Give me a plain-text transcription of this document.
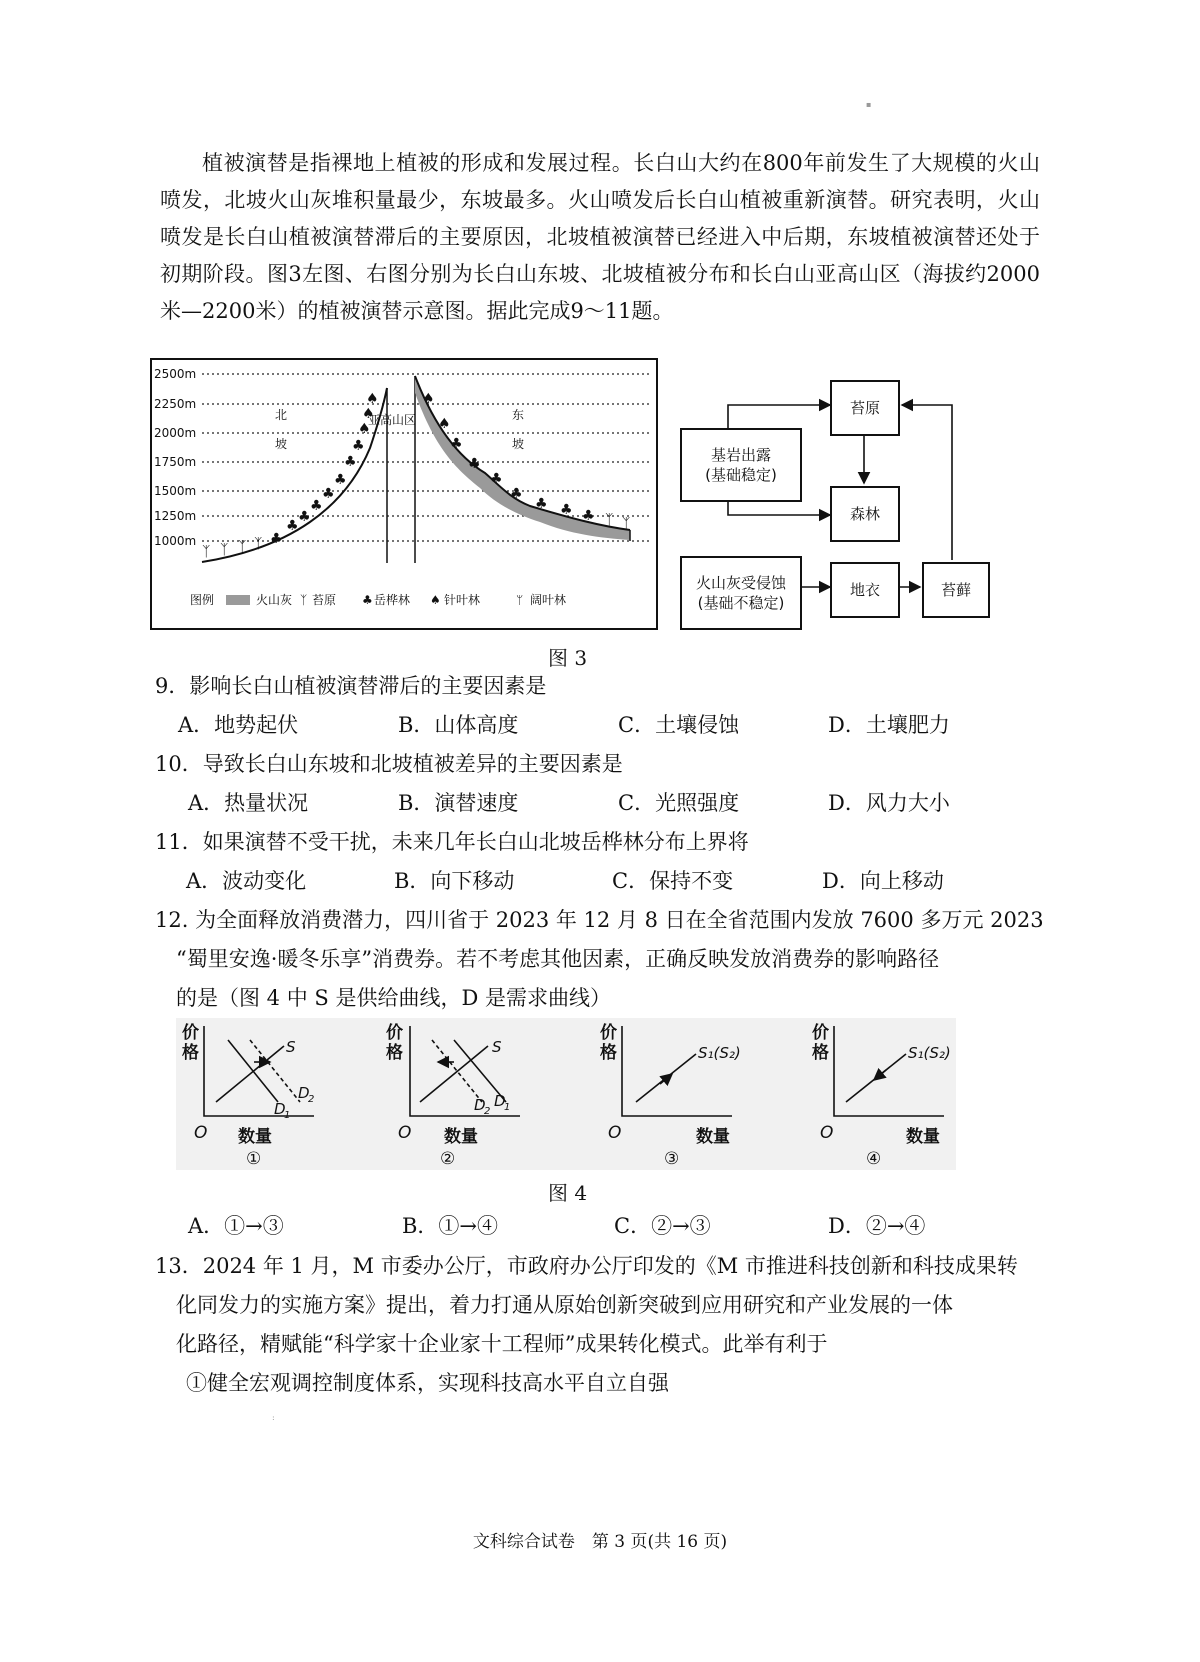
▪
植被演替是指裸地上植被的形成和发展过程。长白山大约在800年前发生了大规模的火山喷发，北坡火山灰堆积量最少，东坡最多。火山喷发后长白山植被重新演替。研究表明，火山喷发是长白山植被演替滞后的主要原因，北坡植被演替已经进入中后期，东坡植被演替还处于初期阶段。图3左图、右图分别为长白山东坡、北坡植被分布和长白山亚高山区（海拔约2000米—2200米）的植被演替示意图。据此完成9～11题。
2500m
2250m
2000m
1750m
1500m
1250m
1000m
ᛉ ᛉ ᛉ ᛉ ♣
♣
♣
♣
♣
♣
♣
♣
♠
♠
♠	♠
♠
♣
♣
♣
♣
♣ ♣ ♣ ᛉ ᛉ
北
坡
东
坡
亚高山区
图例	火山灰 ᛉ 苔原 ♣ 岳桦林 ♠ 针叶林	ᛘ 阔叶林
苔原
基岩出露
(基础稳定)
森林
火山灰受侵蚀
(基础不稳定)
地衣	苔藓
图 3
9．影响长白山植被演替滞后的主要因素是
A．地势起伏	B．山体高度	C．土壤侵蚀	D．土壤肥力
10．导致长白山东坡和北坡植被差异的主要因素是
A．热量状况	B．演替速度	C．光照强度	D．风力大小
11．如果演替不受干扰，未来几年长白山北坡岳桦林分布上界将
A．波动变化	B．向下移动	C．保持不变	D．向上移动
12. 为全面释放消费潜力，四川省于 2023 年 12 月 8 日在全省范围内发放 7600 多万元 2023
“蜀里安逸·暖冬乐享”消费券。若不考虑其他因素，正确反映发放消费券的影响路径
的是（图 4 中 S 是供给曲线，D 是需求曲线）
价
格
O 数量
①
价
格
O 数量
②
价
格
O	数量
③
价
格
O	数量
④
S
D
1
D
2
S
D
2
D
1
S₁(S₂)	S₁(S₂)
图 4
A．①→③	B．①→④	C．②→③	D．②→④
13．2024 年 1 月，M 市委办公厅，市政府办公厅印发的《M 市推进科技创新和科技成果转
化同发力的实施方案》提出，着力打通从原始创新突破到应用研究和产业发展的一体
化路径，精赋能“科学家十企业家十工程师”成果转化模式。此举有利于
①健全宏观调控制度体系，实现科技高水平自立自强
:
文科综合试卷　第 3 页(共 16 页)
